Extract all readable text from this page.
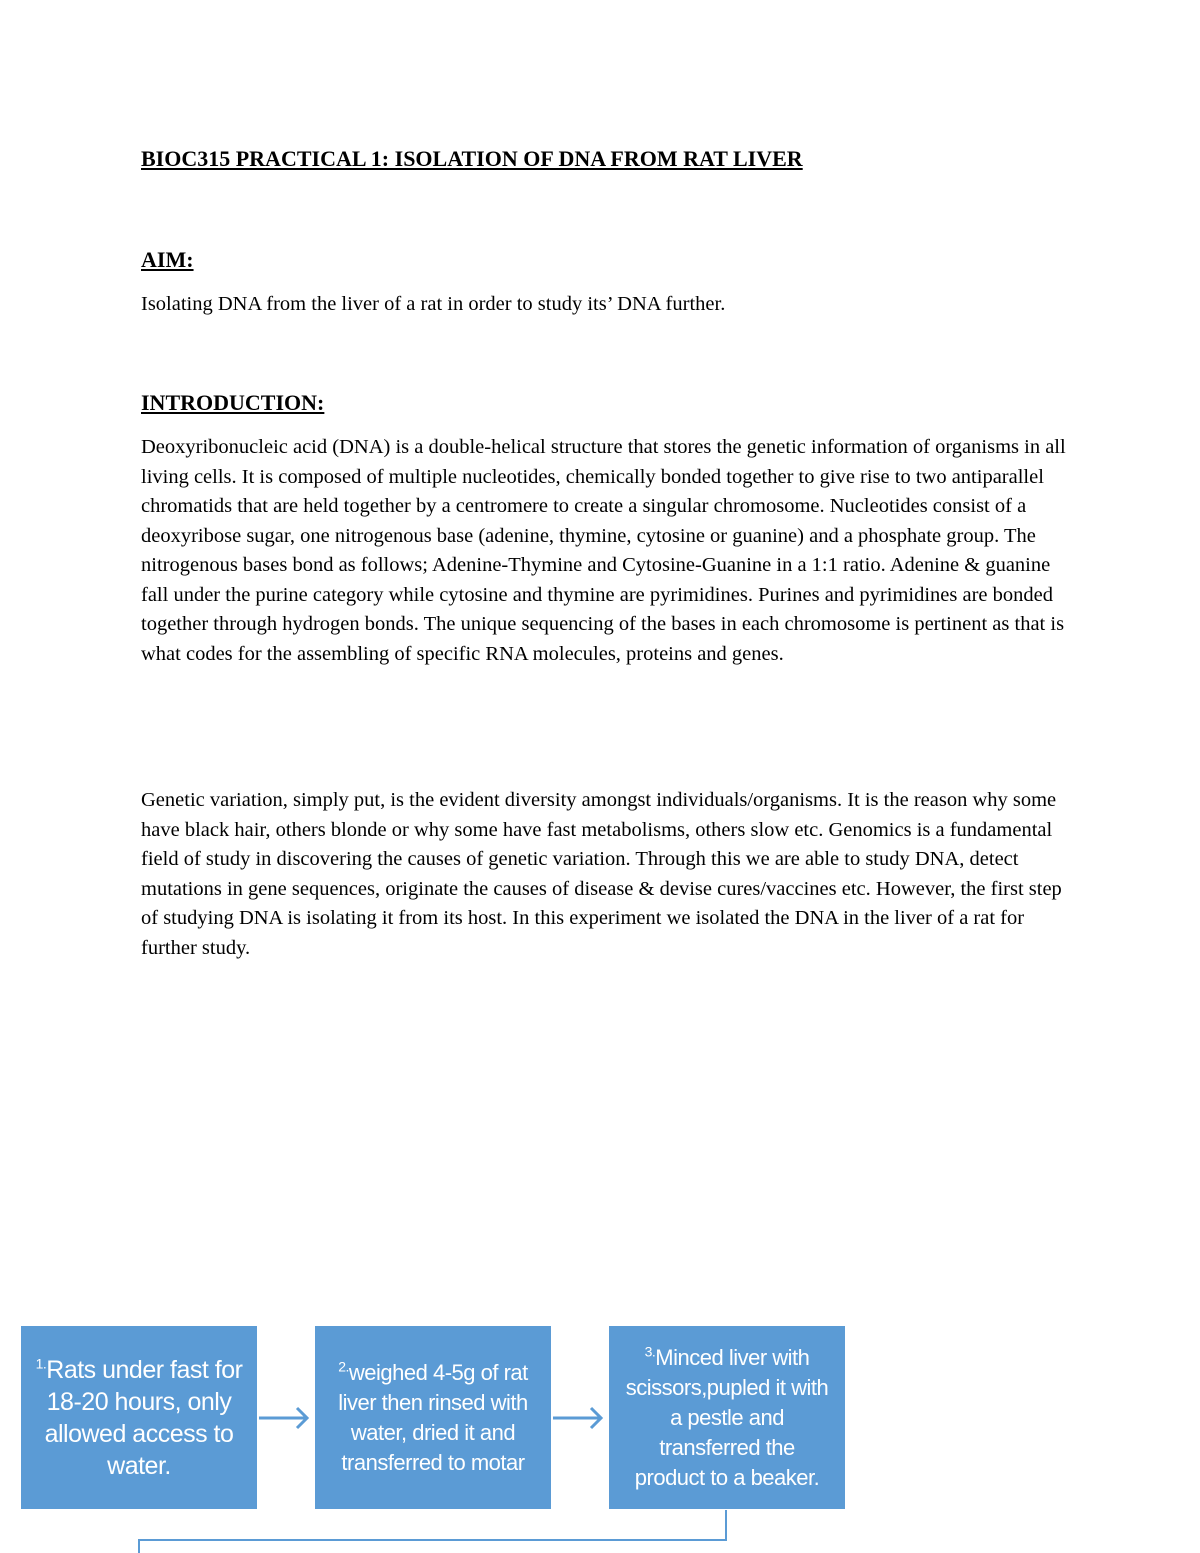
BIOC315 PRACTICAL 1: ISOLATION OF DNA FROM RAT LIVER
AIM:

Isolating DNA from the liver of a rat in order to study its’ DNA further.

INTRODUCTION:

Deoxyribonucleic acid (DNA) is a double-helical structure that stores the genetic information of organisms in all living cells. It is composed of multiple nucleotides, chemically bonded together to give rise to two antiparallel chromatids that are held together by a centromere to create a singular chromosome. Nucleotides consist of a deoxyribose sugar, one nitrogenous base (adenine, thymine, cytosine or guanine) and a phosphate group. The nitrogenous bases bond as follows; Adenine-Thymine and Cytosine-Guanine in a 1:1 ratio. Adenine & guanine fall under the purine category while cytosine and thymine are pyrimidines. Purines and pyrimidines are bonded together through hydrogen bonds. The unique sequencing of the bases in each chromosome is pertinent as that is what codes for the assembling of specific RNA molecules, proteins and genes.

Genetic variation, simply put, is the evident diversity amongst individuals/organisms. It is the reason why some have black hair, others blonde or why some have fast metabolisms, others slow etc. Genomics is a fundamental field of study in discovering the causes of genetic variation. Through this we are able to study DNA, detect mutations in gene sequences, originate the causes of disease & devise cures/vaccines etc. However, the first step of studying DNA is isolating it from its host. In this experiment we isolated the DNA in the liver of a rat for further study.

$^{1.}$Rats under fast for 18-20 hours, only allowed access to water.
$^{2.}$weighed 4-5g of rat liver then rinsed with water, dried it and transferred to motar
$^{3.}$Minced liver with scissors,pupled it with a pestle and transferred the product to a beaker.
